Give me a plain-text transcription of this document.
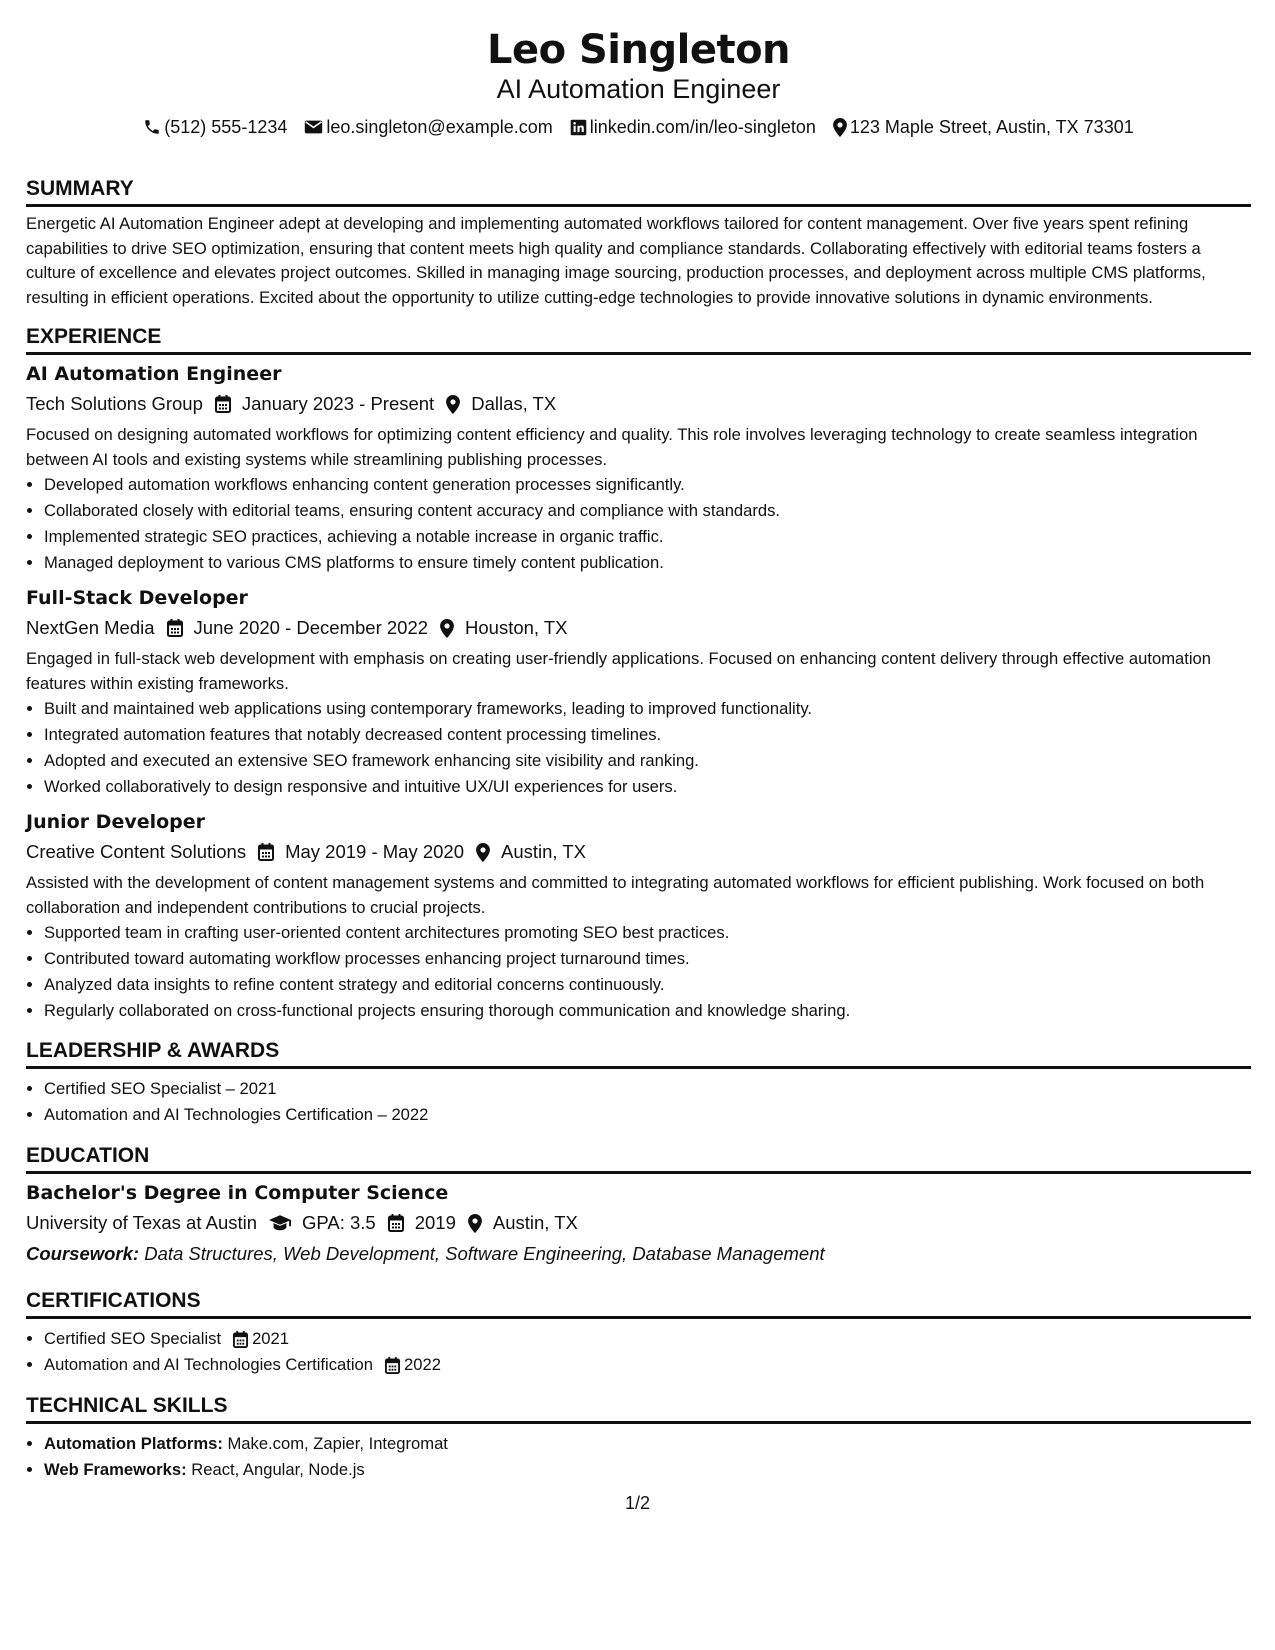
Leo Singleton
AI Automation Engineer
(512) 555-1234 leo.singleton@example.com linkedin.com/in/leo-singleton 123 Maple Street, Austin, TX 73301
SUMMARY
Energetic AI Automation Engineer adept at developing and implementing automated workflows tailored for content management. Over five years spent refining capabilities to drive SEO optimization, ensuring that content meets high quality and compliance standards. Collaborating effectively with editorial teams fosters a culture of excellence and elevates project outcomes. Skilled in managing image sourcing, production processes, and deployment across multiple CMS platforms, resulting in efficient operations. Excited about the opportunity to utilize cutting-edge technologies to provide innovative solutions in dynamic environments.
EXPERIENCE
AI Automation Engineer
Tech Solutions Group January 2023 - Present Dallas, TX
Focused on designing automated workflows for optimizing content efficiency and quality. This role involves leveraging technology to create seamless integration between AI tools and existing systems while streamlining publishing processes.
• Developed automation workflows enhancing content generation processes significantly.
• Collaborated closely with editorial teams, ensuring content accuracy and compliance with standards.
• Implemented strategic SEO practices, achieving a notable increase in organic traffic.
• Managed deployment to various CMS platforms to ensure timely content publication.
Full-Stack Developer
NextGen Media June 2020 - December 2022 Houston, TX
Engaged in full-stack web development with emphasis on creating user-friendly applications. Focused on enhancing content delivery through effective automation features within existing frameworks.
• Built and maintained web applications using contemporary frameworks, leading to improved functionality.
• Integrated automation features that notably decreased content processing timelines.
• Adopted and executed an extensive SEO framework enhancing site visibility and ranking.
• Worked collaboratively to design responsive and intuitive UX/UI experiences for users.
Junior Developer
Creative Content Solutions May 2019 - May 2020 Austin, TX
Assisted with the development of content management systems and committed to integrating automated workflows for efficient publishing. Work focused on both collaboration and independent contributions to crucial projects.
• Supported team in crafting user-oriented content architectures promoting SEO best practices.
• Contributed toward automating workflow processes enhancing project turnaround times.
• Analyzed data insights to refine content strategy and editorial concerns continuously.
• Regularly collaborated on cross-functional projects ensuring thorough communication and knowledge sharing.
LEADERSHIP & AWARDS
• Certified SEO Specialist – 2021
• Automation and AI Technologies Certification – 2022
EDUCATION
Bachelor's Degree in Computer Science
University of Texas at Austin GPA: 3.5 2019 Austin, TX
Coursework: Data Structures, Web Development, Software Engineering, Database Management
CERTIFICATIONS
• Certified SEO Specialist 2021
• Automation and AI Technologies Certification 2022
TECHNICAL SKILLS
• Automation Platforms: Make.com, Zapier, Integromat
• Web Frameworks: React, Angular, Node.js
1/2
